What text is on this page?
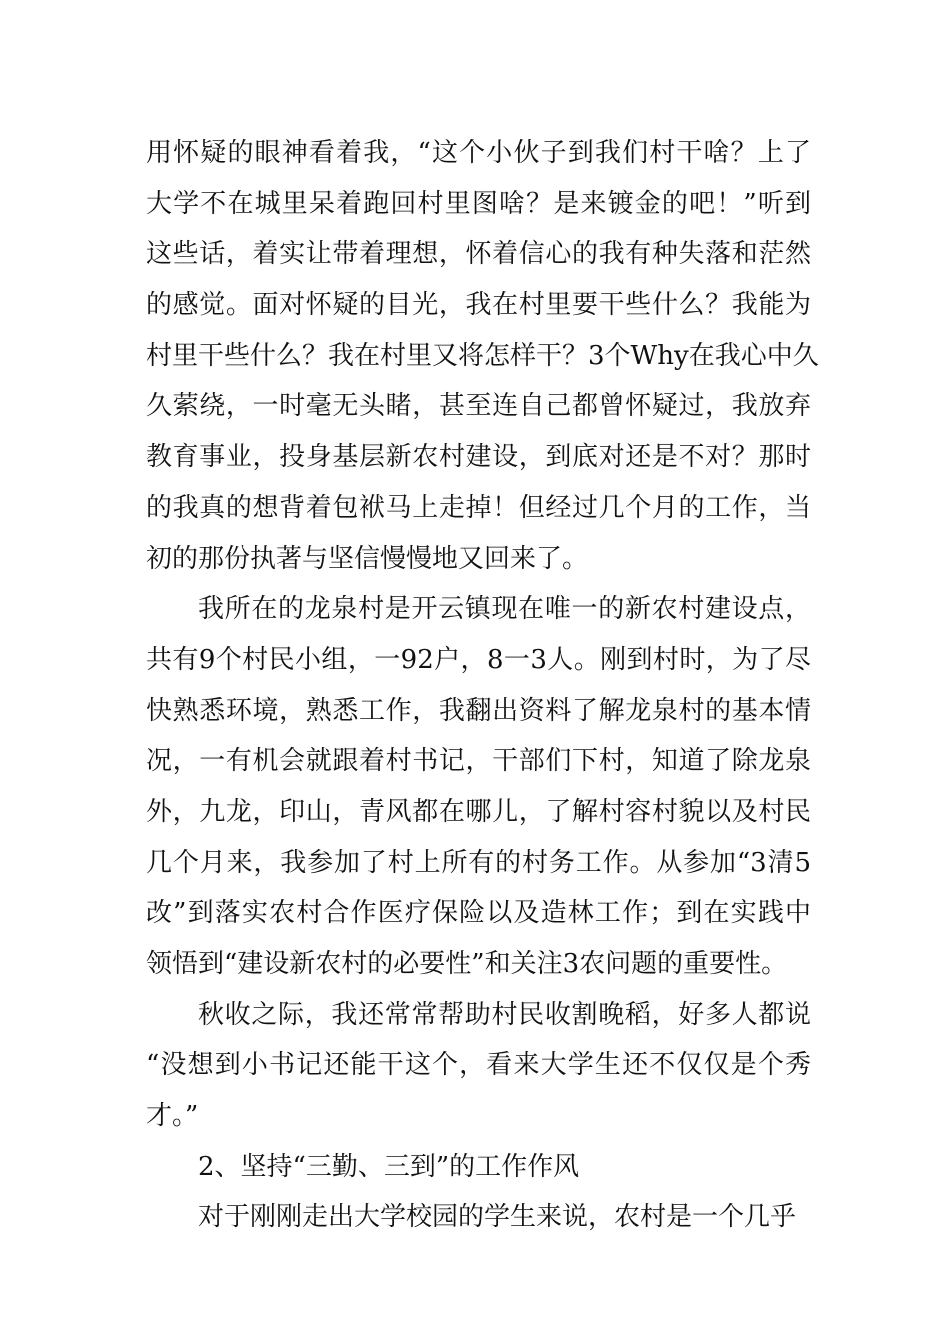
用怀疑的眼神看着我，“这个小伙子到我们村干啥？上了
大学不在城里呆着跑回村里图啥？是来镀金的吧！”听到
这些话，着实让带着理想，怀着信心的我有种失落和茫然
的感觉。面对怀疑的目光，我在村里要干些什么？我能为
村里干些什么？我在村里又将怎样干？3个Why在我心中久
久萦绕，一时毫无头睹，甚至连自己都曾怀疑过，我放弃
教育事业，投身基层新农村建设，到底对还是不对？那时
的我真的想背着包袱马上走掉！但经过几个月的工作，当
初的那份执著与坚信慢慢地又回来了。
我所在的龙泉村是开云镇现在唯一的新农村建设点，
共有9个村民小组，一92户，8一3人。刚到村时，为了尽
快熟悉环境，熟悉工作，我翻出资料了解龙泉村的基本情
况，一有机会就跟着村书记，干部们下村，知道了除龙泉
外，九龙，印山，青风都在哪儿，了解村容村貌以及村民
几个月来，我参加了村上所有的村务工作。从参加“3清5
改”到落实农村合作医疗保险以及造林工作；到在实践中
领悟到“建设新农村的必要性”和关注3农问题的重要性。
秋收之际，我还常常帮助村民收割晚稻，好多人都说
“没想到小书记还能干这个，看来大学生还不仅仅是个秀
才。”
2、坚持“三勤、三到”的工作作风
对于刚刚走出大学校园的学生来说，农村是一个几乎
